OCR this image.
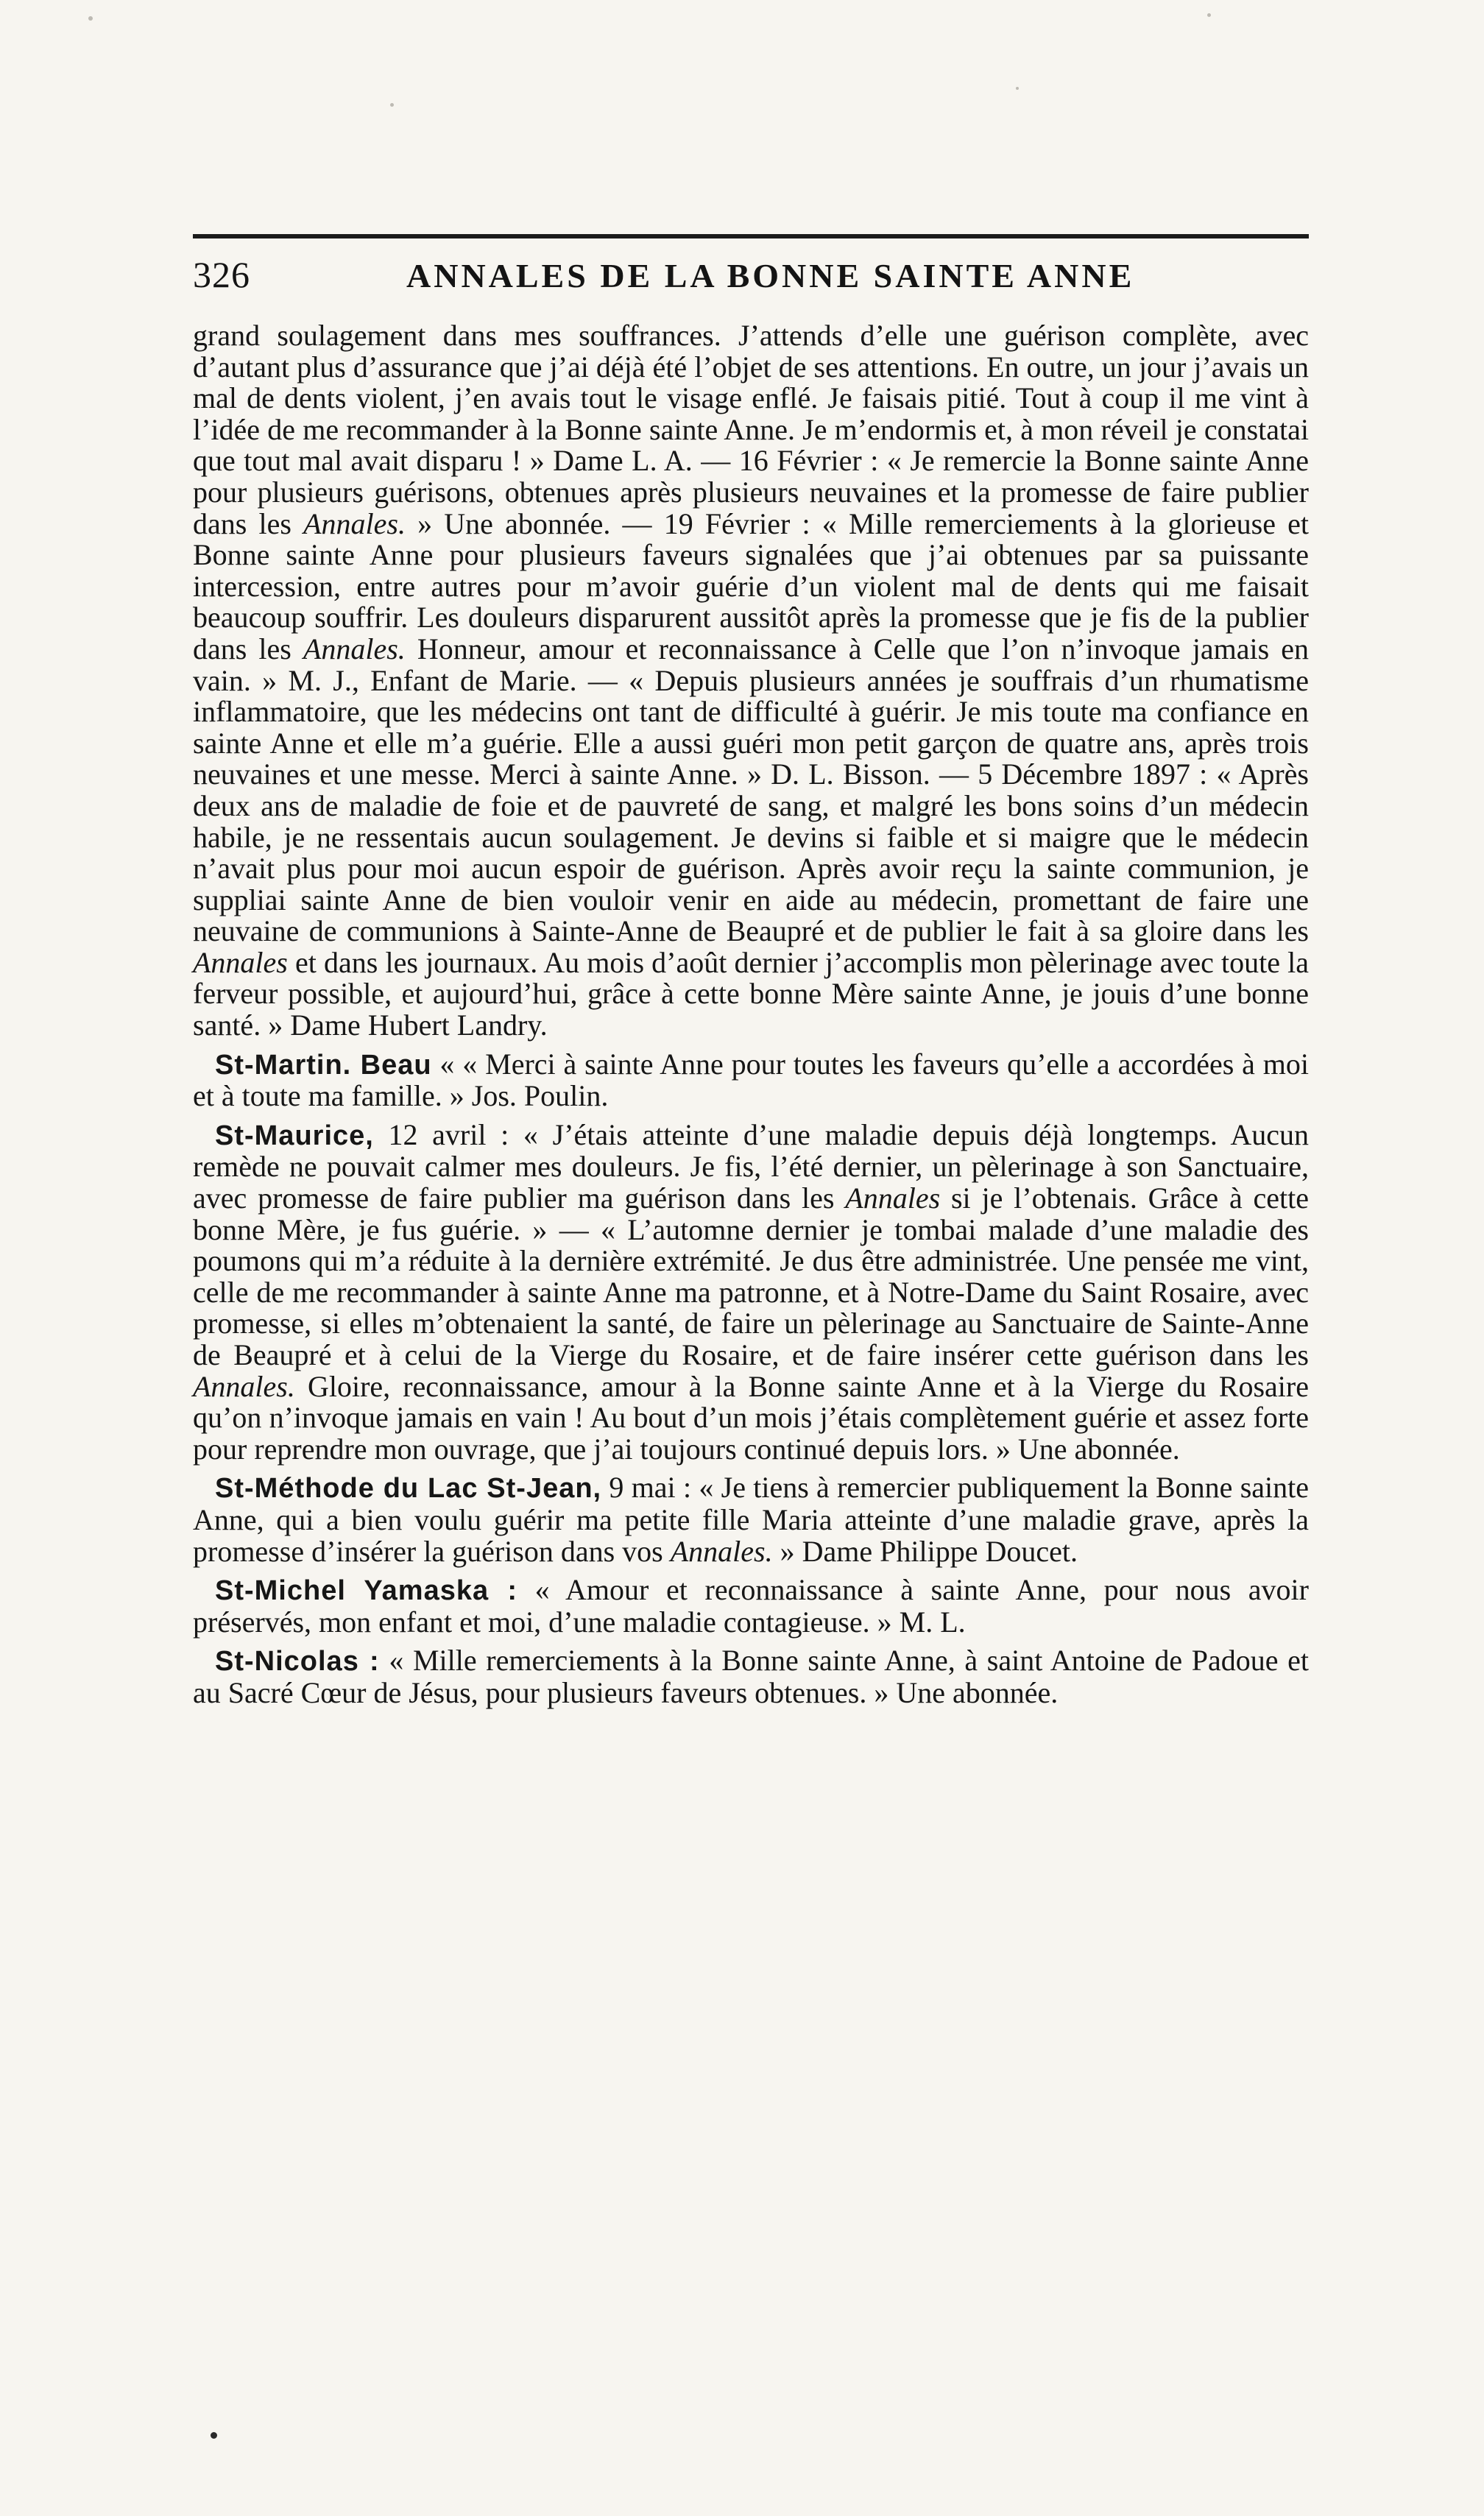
326	ANNALES DE LA BONNE SAINTE ANNE

grand soulagement dans mes souffrances. J’attends d’elle une guérison complète, avec d’autant plus d’assurance que j’ai déjà été l’objet de ses attentions. En outre, un jour j’avais un mal de dents violent, j’en avais tout le visage enflé. Je faisais pitié. Tout à coup il me vint à l’idée de me recommander à la Bonne sainte Anne. Je m’endormis et, à mon réveil je constatai que tout mal avait disparu ! » Dame L. A. — 16 Février : « Je remercie la Bonne sainte Anne pour plusieurs guérisons, obtenues après plusieurs neuvaines et la promesse de faire publier dans les Annales. » Une abonnée. — 19 Février : « Mille remerciements à la glorieuse et Bonne sainte Anne pour plusieurs faveurs signalées que j’ai obtenues par sa puissante intercession, entre autres pour m’avoir guérie d’un violent mal de dents qui me faisait beaucoup souffrir. Les douleurs disparurent aussitôt après la promesse que je fis de la publier dans les Annales. Honneur, amour et reconnaissance à Celle que l’on n’invoque jamais en vain. » M. J., Enfant de Marie. — « Depuis plusieurs années je souffrais d’un rhumatisme inflammatoire, que les médecins ont tant de difficulté à guérir. Je mis toute ma confiance en sainte Anne et elle m’a guérie. Elle a aussi guéri mon petit garçon de quatre ans, après trois neuvaines et une messe. Merci à sainte Anne. » D. L. Bisson. — 5 Décembre 1897 : « Après deux ans de maladie de foie et de pauvreté de sang, et malgré les bons soins d’un médecin habile, je ne ressentais aucun soulagement. Je devins si faible et si maigre que le médecin n’avait plus pour moi aucun espoir de guérison. Après avoir reçu la sainte communion, je suppliai sainte Anne de bien vouloir venir en aide au médecin, promettant de faire une neuvaine de communions à Sainte-Anne de Beaupré et de publier le fait à sa gloire dans les Annales et dans les journaux. Au mois d’août dernier j’accomplis mon pèlerinage avec toute la ferveur possible, et aujourd’hui, grâce à cette bonne Mère sainte Anne, je jouis d’une bonne santé. » Dame Hubert Landry.

St-Martin. Beau « « Merci à sainte Anne pour toutes les faveurs qu’elle a accordées à moi et à toute ma famille. » Jos. Poulin.

St-Maurice, 12 avril : « J’étais atteinte d’une maladie depuis déjà longtemps. Aucun remède ne pouvait calmer mes douleurs. Je fis, l’été dernier, un pèlerinage à son Sanctuaire, avec promesse de faire publier ma guérison dans les Annales si je l’obtenais. Grâce à cette bonne Mère, je fus guérie. » — « L’automne dernier je tombai malade d’une maladie des poumons qui m’a réduite à la dernière extrémité. Je dus être administrée. Une pensée me vint, celle de me recommander à sainte Anne ma patronne, et à Notre-Dame du Saint Rosaire, avec promesse, si elles m’obtenaient la santé, de faire un pèlerinage au Sanctuaire de Sainte-Anne de Beaupré et à celui de la Vierge du Rosaire, et de faire insérer cette guérison dans les Annales. Gloire, reconnaissance, amour à la Bonne sainte Anne et à la Vierge du Rosaire qu’on n’invoque jamais en vain ! Au bout d’un mois j’étais complètement guérie et assez forte pour reprendre mon ouvrage, que j’ai toujours continué depuis lors. » Une abonnée.

St-Méthode du Lac St-Jean, 9 mai : « Je tiens à remercier publiquement la Bonne sainte Anne, qui a bien voulu guérir ma petite fille Maria atteinte d’une maladie grave, après la promesse d’insérer la guérison dans vos Annales. » Dame Philippe Doucet.

St-Michel Yamaska : « Amour et reconnaissance à sainte Anne, pour nous avoir préservés, mon enfant et moi, d’une maladie contagieuse. » M. L.

St-Nicolas : « Mille remerciements à la Bonne sainte Anne, à saint Antoine de Padoue et au Sacré Cœur de Jésus, pour plusieurs faveurs obtenues. » Une abonnée.
